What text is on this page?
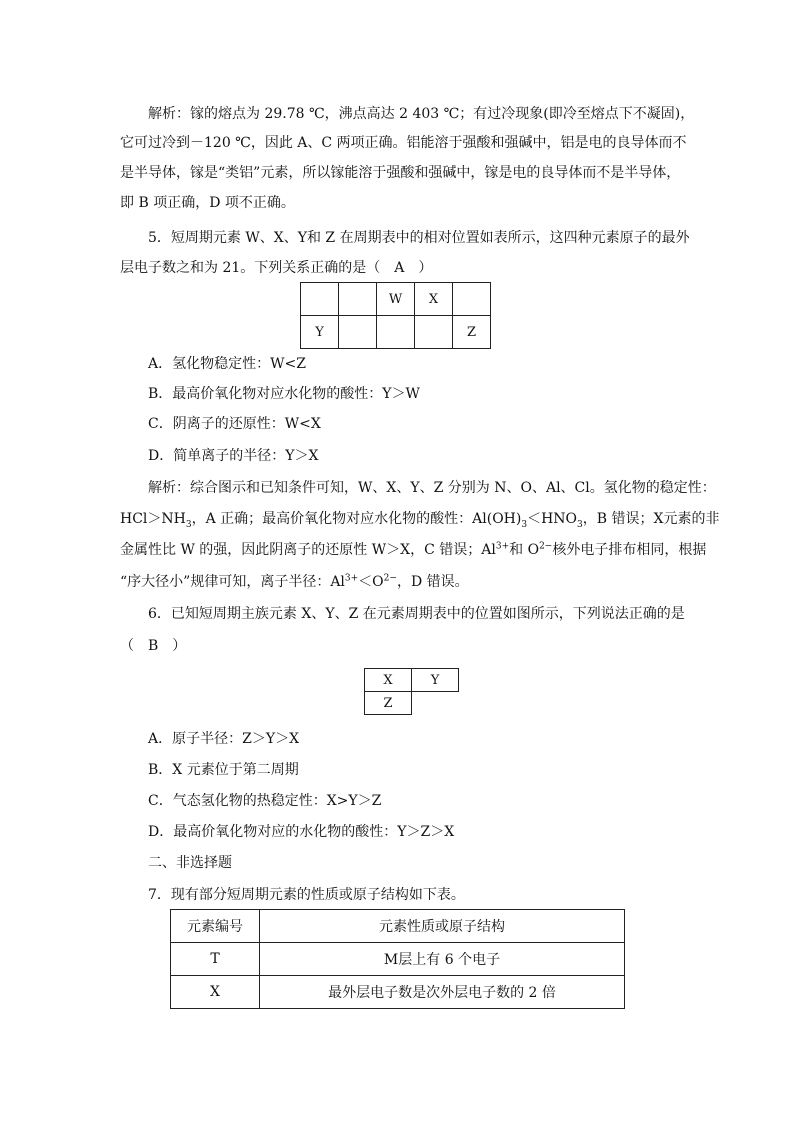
解析：镓的熔点为 29.78 ℃，沸点高达 2 403 ℃；有过冷现象(即冷至熔点下不凝固)，
它可过冷到－120 ℃，因此 A、C 两项正确。铝能溶于强酸和强碱中，铝是电的良导体而不
是半导体，镓是“类铝”元素，所以镓能溶于强酸和强碱中，镓是电的良导体而不是半导体，
即 B 项正确，D 项不正确。
5．短周期元素 W、X、Y和 Z 在周期表中的相对位置如表所示，这四种元素原子的最外
层电子数之和为 21。下列关系正确的是（　A　）
		W	X	
Y				Z
A．氢化物稳定性：W<Z
B．最高价氧化物对应水化物的酸性：Y＞W
C．阴离子的还原性：W<X
D．简单离子的半径：Y＞X
解析：综合图示和已知条件可知，W、X、Y、Z 分别为 N、O、Al、Cl。氢化物的稳定性：
$HCl>NH_3$，A 正确；最高价氧化物对应水化物的酸性：$Al(OH)_3<HNO_3$，B 错误；X元素的非
金属性比 W 的强，因此阴离子的还原性 W＞X，C 错误；$Al^{3+}$和 $O^{2-}$核外电子排布相同，根据
“序大径小”规律可知，离子半径：$Al^{3+}<O^{2-}$，D 错误。
6．已知短周期主族元素 X、Y、Z 在元素周期表中的位置如图所示，下列说法正确的是
（　B　）
X	Y
Z	
A．原子半径：Z＞Y＞X
B．X 元素位于第二周期
C．气态氢化物的热稳定性：X>Y＞Z
D．最高价氧化物对应的水化物的酸性：Y＞Z＞X
二、非选择题
7．现有部分短周期元素的性质或原子结构如下表。
元素编号	元素性质或原子结构
T	M层上有 6 个电子
X	最外层电子数是次外层电子数的 2 倍
